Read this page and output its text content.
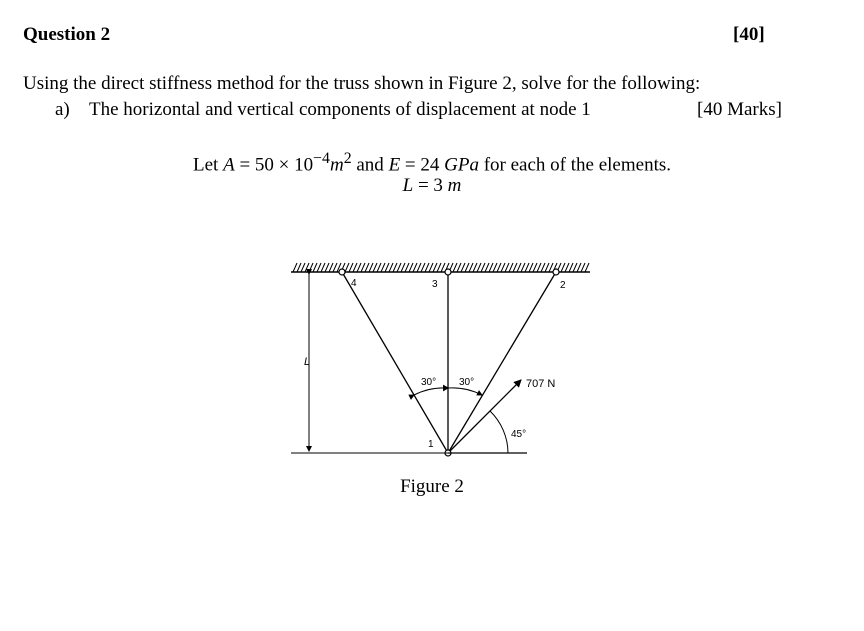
Question 2	[40]
Using the direct stiffness method for the truss shown in Figure 2, solve for the following:
a) The horizontal and vertical components of displacement at node 1	[40 Marks]
Let $A = 50 \times 10^{-4}m^2$ and E = 24 GPa for each of the elements.
L = 3 m
4	3	2
1
L
30° 30°	707 N
45°
Figure 2
